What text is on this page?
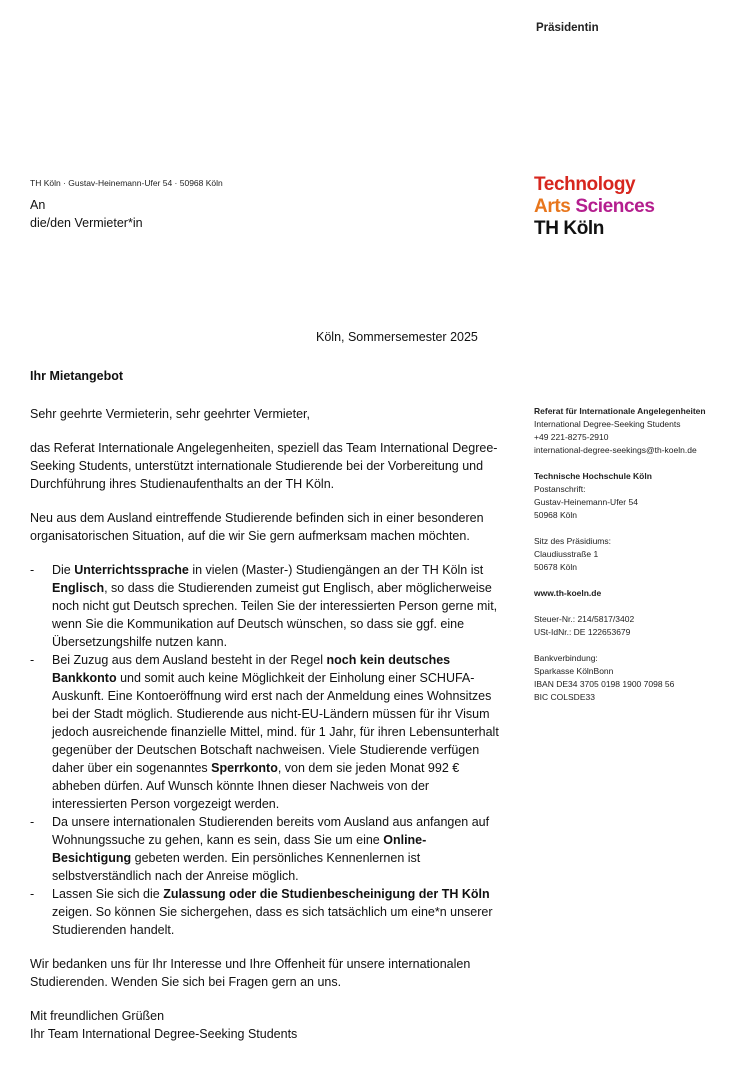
Präsidentin
Technology
Arts Sciences
TH Köln
TH Köln · Gustav-Heinemann-Ufer 54 · 50968 Köln
An
die/den Vermieter*in
Köln, Sommersemester 2025
Ihr Mietangebot

Sehr geehrte Vermieterin, sehr geehrter Vermieter,

das Referat Internationale Angelegenheiten, speziell das Team International Degree-Seeking Students, unterstützt internationale Studierende bei der Vorbereitung und Durchführung ihres Studienaufenthalts an der TH Köln.

Neu aus dem Ausland eintreffende Studierende befinden sich in einer besonderen organisatorischen Situation, auf die wir Sie gern aufmerksam machen möchten.

- Die Unterrichtssprache in vielen (Master-) Studiengängen an der TH Köln ist Englisch, so dass die Studierenden zumeist gut Englisch, aber möglicherweise noch nicht gut Deutsch sprechen. Teilen Sie der interessierten Person gerne mit, wenn Sie die Kommunikation auf Deutsch wünschen, so dass sie ggf. eine Übersetzungshilfe nutzen kann.
- Bei Zuzug aus dem Ausland besteht in der Regel noch kein deutsches Bankkonto und somit auch keine Möglichkeit der Einholung einer SCHUFA-Auskunft. Eine Kontoeröffnung wird erst nach der Anmeldung eines Wohnsitzes bei der Stadt möglich. Studierende aus nicht-EU-Ländern müssen für ihr Visum jedoch ausreichende finanzielle Mittel, mind. für 1 Jahr, für ihren Lebensunterhalt gegenüber der Deutschen Botschaft nachweisen. Viele Studierende verfügen daher über ein sogenanntes Sperrkonto, von dem sie jeden Monat 992 € abheben dürfen. Auf Wunsch könnte Ihnen dieser Nachweis von der interessierten Person vorgezeigt werden.
- Da unsere internationalen Studierenden bereits vom Ausland aus anfangen auf Wohnungssuche zu gehen, kann es sein, dass Sie um eine Online-Besichtigung gebeten werden. Ein persönliches Kennenlernen ist selbstverständlich nach der Anreise möglich.
- Lassen Sie sich die Zulassung oder die Studienbescheinigung der TH Köln zeigen. So können Sie sichergehen, dass es sich tatsächlich um eine*n unserer Studierenden handelt.

Wir bedanken uns für Ihr Interesse und Ihre Offenheit für unsere internationalen Studierenden. Wenden Sie sich bei Fragen gern an uns.

Mit freundlichen Grüßen
Ihr Team International Degree-Seeking Students
Referat für Internationale Angelegenheiten
International Degree-Seeking Students
+49 221-8275-2910
international-degree-seekings@th-koeln.de
Technische Hochschule Köln
Postanschrift:
Gustav-Heinemann-Ufer 54
50968 Köln
Sitz des Präsidiums:
Claudiusstraße 1
50678 Köln
www.th-koeln.de
Steuer-Nr.: 214/5817/3402
USt-IdNr.: DE 122653679
Bankverbindung:
Sparkasse KölnBonn
IBAN DE34 3705 0198 1900 7098 56
BIC COLSDE33
